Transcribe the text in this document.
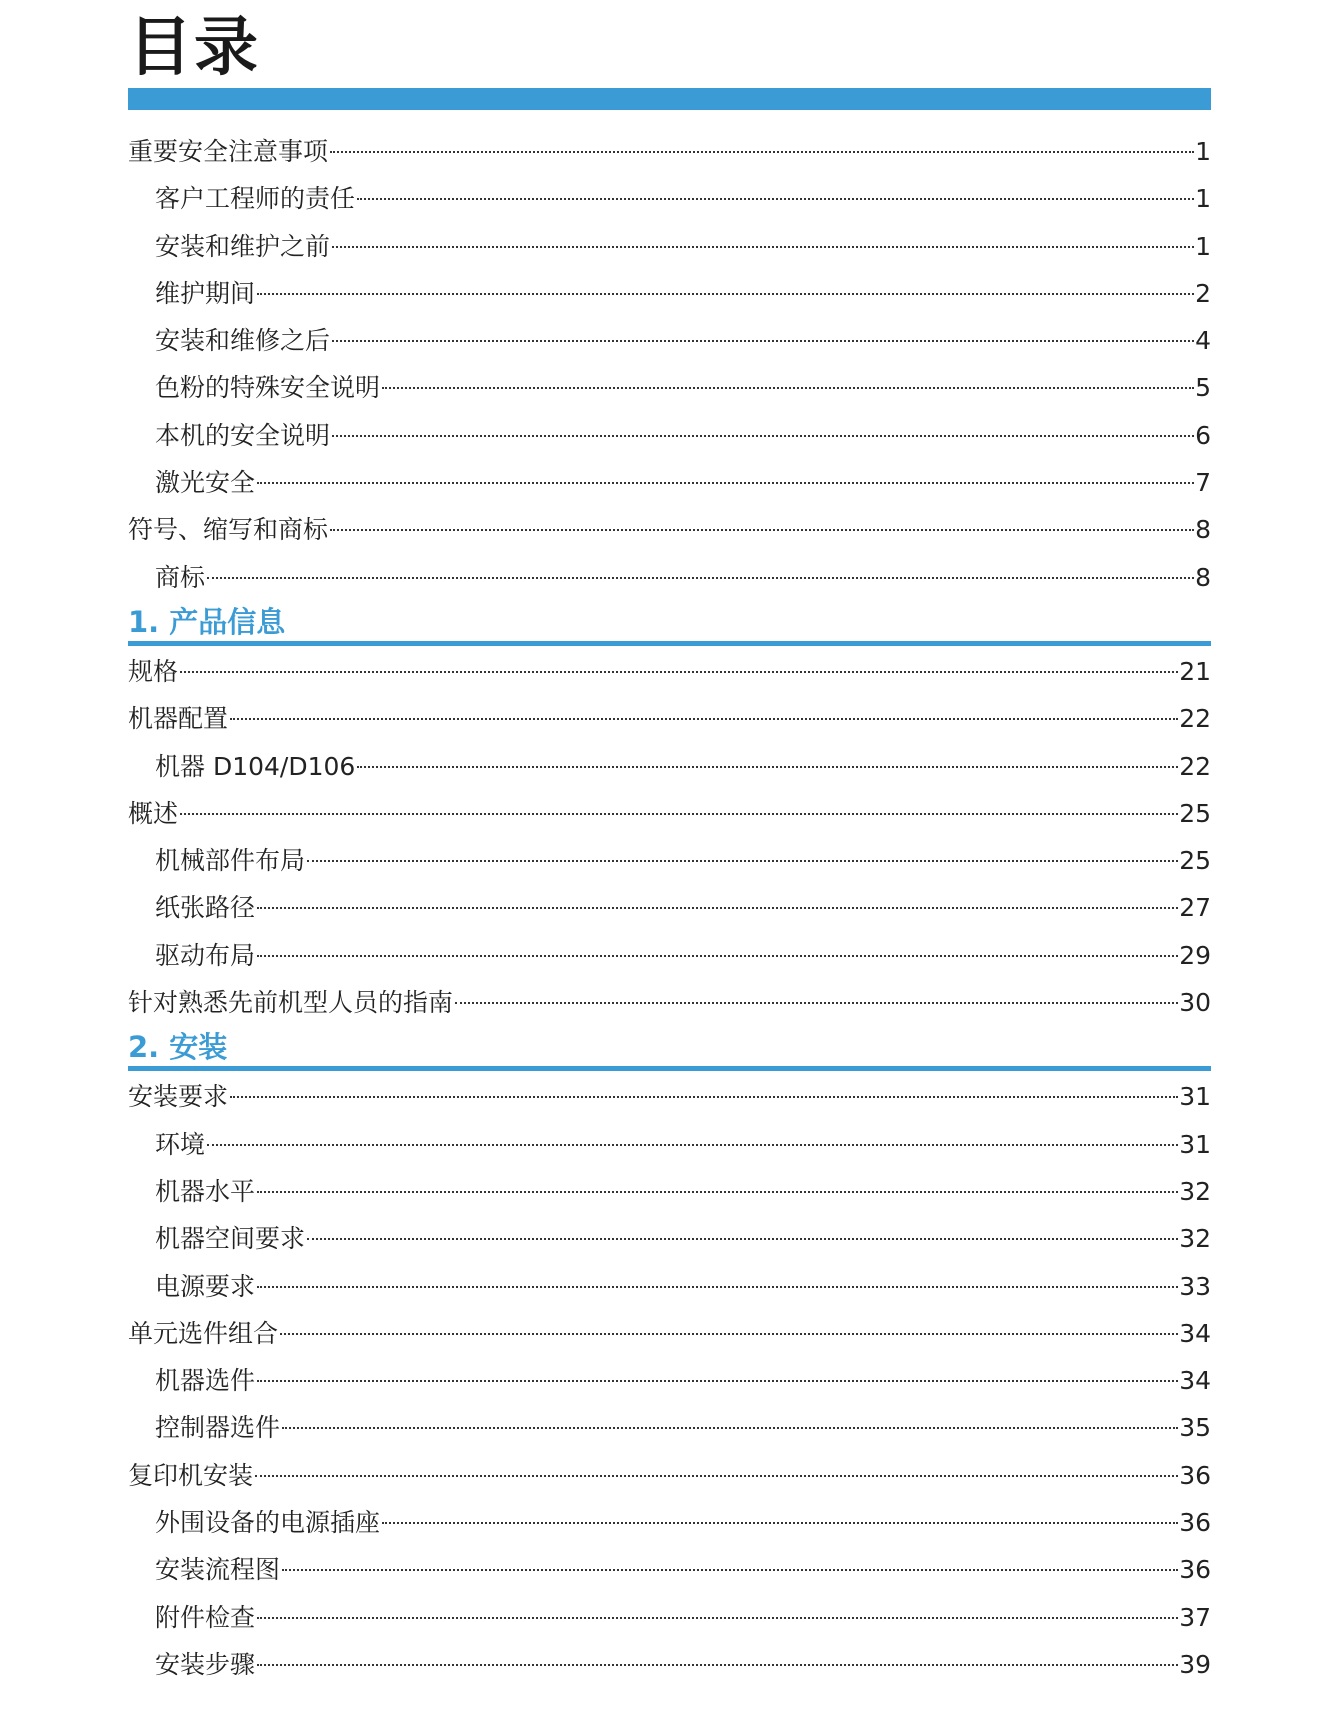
目录
重要安全注意事项	1
客户工程师的责任	1
安装和维护之前	1
维护期间	2
安装和维修之后	4
色粉的特殊安全说明	5
本机的安全说明	6
激光安全	7
符号、缩写和商标	8
商标	8
1. 产品信息
规格	21
机器配置	22
机器 D104/D106	22
概述	25
机械部件布局	25
纸张路径	27
驱动布局	29
针对熟悉先前机型人员的指南	30
2. 安装
安装要求	31
环境	31
机器水平	32
机器空间要求	32
电源要求	33
单元选件组合	34
机器选件	34
控制器选件	35
复印机安装	36
外围设备的电源插座	36
安装流程图	36
附件检查	37
安装步骤	39
